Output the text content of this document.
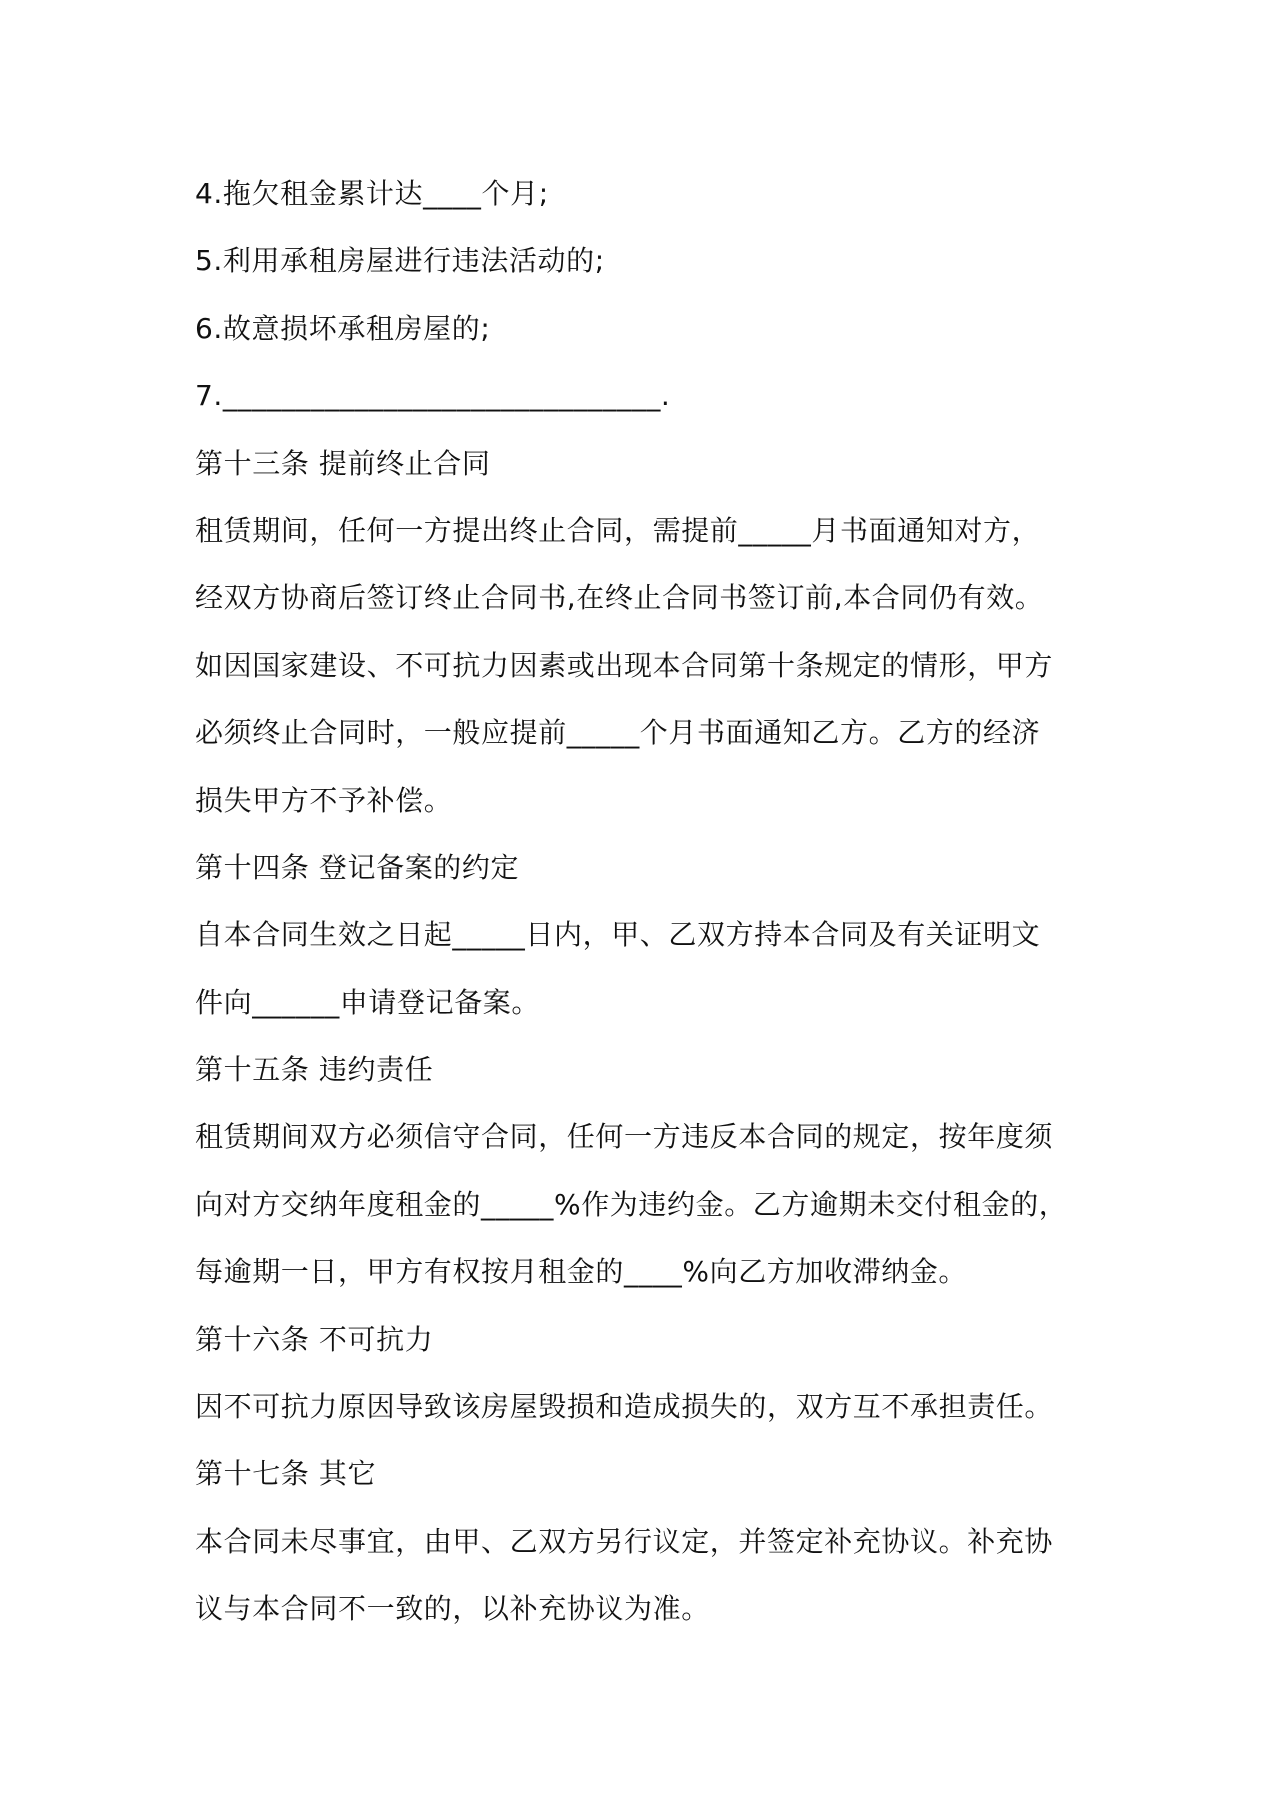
4.拖欠租金累计达____个月;
5.利用承租房屋进行违法活动的;
6.故意损坏承租房屋的;
7.______________________________.
第十三条 提前终止合同
租赁期间，任何一方提出终止合同，需提前_____月书面通知对方，
经双方协商后签订终止合同书,在终止合同书签订前,本合同仍有效。
如因国家建设、不可抗力因素或出现本合同第十条规定的情形，甲方
必须终止合同时，一般应提前_____个月书面通知乙方。乙方的经济
损失甲方不予补偿。
第十四条 登记备案的约定
自本合同生效之日起_____日内，甲、乙双方持本合同及有关证明文
件向______申请登记备案。
第十五条 违约责任
租赁期间双方必须信守合同，任何一方违反本合同的规定，按年度须
向对方交纳年度租金的_____%作为违约金。乙方逾期未交付租金的，
每逾期一日，甲方有权按月租金的____%向乙方加收滞纳金。
第十六条 不可抗力
因不可抗力原因导致该房屋毁损和造成损失的，双方互不承担责任。
第十七条 其它
本合同未尽事宜，由甲、乙双方另行议定，并签定补充协议。补充协
议与本合同不一致的，以补充协议为准。
